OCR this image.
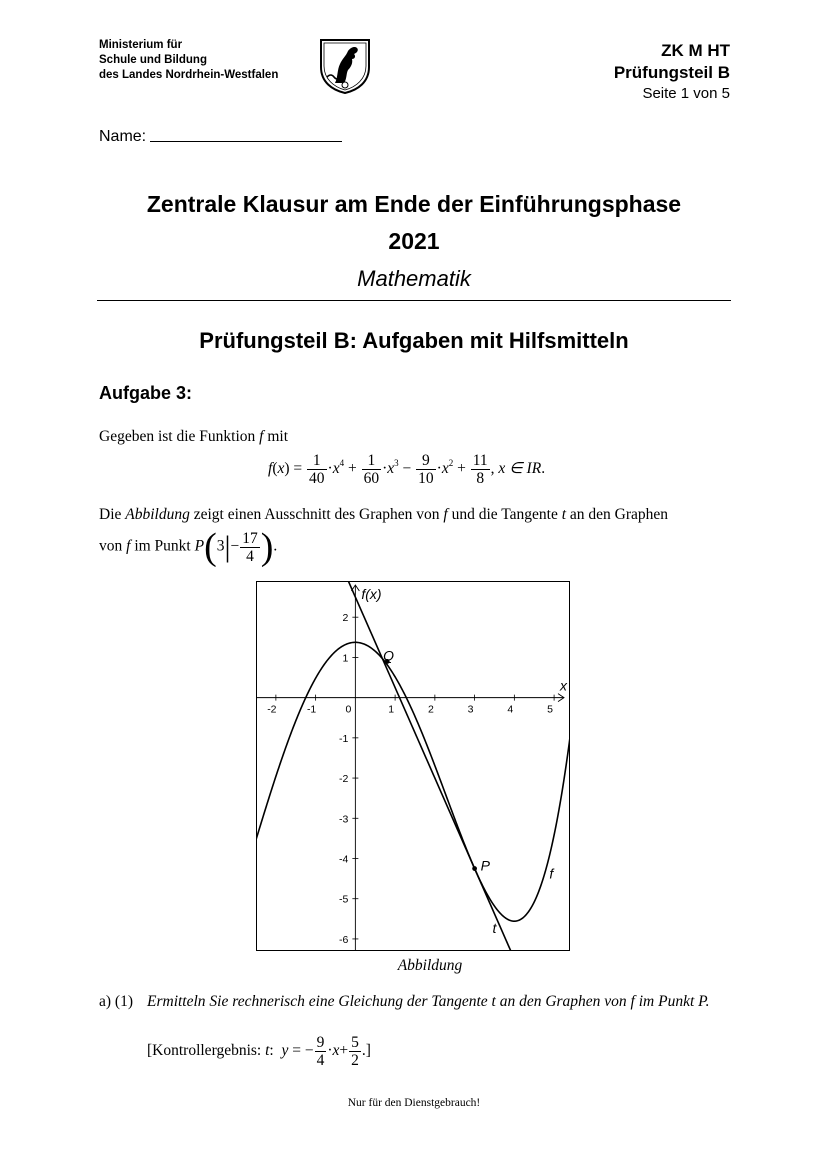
Ministerium für
Schule und Bildung
des Landes Nordrhein-Westfalen
ZK M HT
Prüfungsteil B
Seite 1 von 5
Name:
Zentrale Klausur am Ende der Einführungsphase
2021
Mathematik
Prüfungsteil B: Aufgaben mit Hilfsmitteln
Aufgabe 3:
Gegeben ist die Funktion f mit
$f(x) = \frac{1}{40} \cdot x^4 + \frac{1}{60} \cdot x^3 - \frac{9}{10} \cdot x^2 + \frac{11}{8}$ , x ∈ IR.
Die Abbildung zeigt einen Ausschnitt des Graphen von f und die Tangente t an den Graphen
von f im Punkt $P(3|- \frac{17}{4}$ ).
-2	-1	0	1	2	3	4	5
2
1
-1
-2
-3
-4
-5
-6
x
f(x)
P
Q
f
t
Abbildung
a) (1) Ermitteln Sie rechnerisch eine Gleichung der Tangente t an den Graphen von f im Punkt P.
[Kontrollergebnis: t:  y = − $\frac{9}{4} \cdot x+ \frac{5}{2}$ .]
Nur für den Dienstgebrauch!
